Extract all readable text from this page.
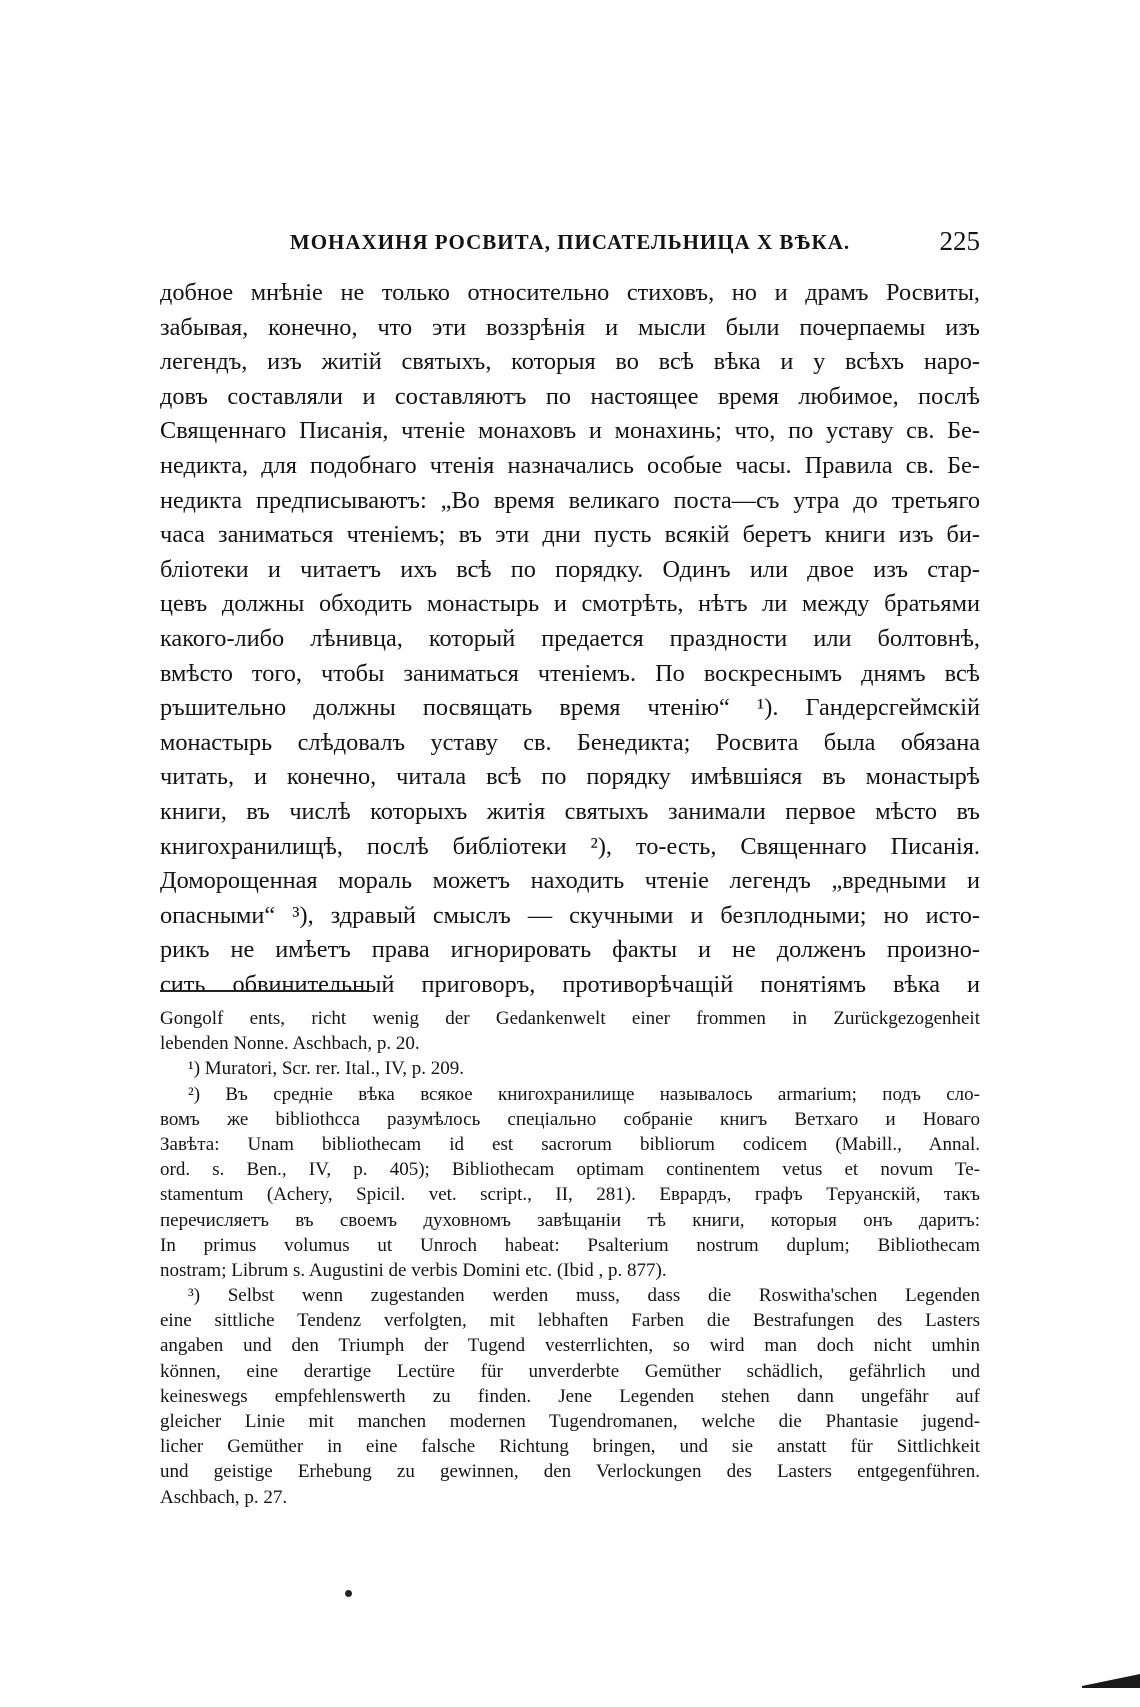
МОНАХИНЯ РОСВИТА, ПИСАТЕЛЬНИЦА X ВѢКА.	225
добное мнѣніе не только относительно стиховъ, но и драмъ Росвиты,
забывая, конечно, что эти воззрѣнія и мысли были почерпаемы изъ
легендъ, изъ житій святыхъ, которыя во всѣ вѣка и у всѣхъ наро-
довъ составляли и составляютъ по настоящее время любимое, послѣ
Священнаго Писанія, чтеніе монаховъ и монахинь; что, по уставу св. Бе-
недикта, для подобнаго чтенія назначались особые часы. Правила св. Бе-
недикта предписываютъ: „Во время великаго поста—съ утра до третьяго
часа заниматься чтеніемъ; въ эти дни пусть всякій беретъ книги изъ би-
бліотеки и читаетъ ихъ всѣ по порядку. Одинъ или двое изъ стар-
цевъ должны обходить монастырь и смотрѣть, нѣтъ ли между братьями
какого-либо лѣнивца, который предается праздности или болтовнѣ,
вмѣсто того, чтобы заниматься чтеніемъ. По воскреснымъ днямъ всѣ
ръшительно должны посвящать время чтенію“ ¹). Гандерсгеймскій
монастырь слѣдовалъ уставу св. Бенедикта; Росвита была обязана
читать, и конечно, читала всѣ по порядку имѣвшіяся въ монастырѣ
книги, въ числѣ которыхъ житія святыхъ занимали первое мѣсто въ
книгохранилищѣ, послѣ библіотеки ²), то-есть, Священнаго Писанія.
Доморощенная мораль можетъ находить чтеніе легендъ „вредными и
опасными“ ³), здравый смыслъ — скучными и безплодными; но исто-
рикъ не имѣетъ права игнорировать факты и не долженъ произно-
сить обвинительный приговоръ, противорѣчащій понятіямъ вѣка и
Gongolf ents, richt wenig der Gedankenwelt einer frommen in Zurückgezogenheit
lebenden Nonne. Aschbach, p. 20.
¹) Muratori, Scr. rer. Ital., IV, p. 209.
²) Въ средніе вѣка всякое книгохранилище называлось armarium; подъ сло-
вомъ же bibliothcca разумѣлось спеціально собраніе книгъ Ветхаго и Новаго
Завѣта: Unam bibliothecam id est sacrorum bibliorum codicem (Mabill., Annal.
ord. s. Ben., IV, p. 405); Bibliothecam optimam continentem vetus et novum Te-
stamentum (Achery, Spicil. vet. script., II, 281). Еврардъ, графъ Теруанскій, такъ
перечисляетъ въ своемъ духовномъ завѣщаніи тѣ книги, которыя онъ даритъ:
In primus volumus ut Unroch habeat: Psalterium nostrum duplum; Bibliothecam
nostram; Librum s. Augustini de verbis Domini etc. (Ibid , p. 877).
³) Selbst wenn zugestanden werden muss, dass die Roswitha'schen Legenden
eine sittliche Tendenz verfolgten, mit lebhaften Farben die Bestrafungen des Lasters
angaben und den Triumph der Tugend vesterrlichten, so wird man doch nicht umhin
können, eine derartige Lectüre für unverderbte Gemüther schädlich, gefährlich und
keineswegs empfehlenswerth zu finden. Jene Legenden stehen dann ungefähr auf
gleicher Linie mit manchen modernen Tugendromanen, welche die Phantasie jugend-
licher Gemüther in eine falsche Richtung bringen, und sie anstatt für Sittlichkeit
und geistige Erhebung zu gewinnen, den Verlockungen des Lasters entgegenführen.
Aschbach, p. 27.
